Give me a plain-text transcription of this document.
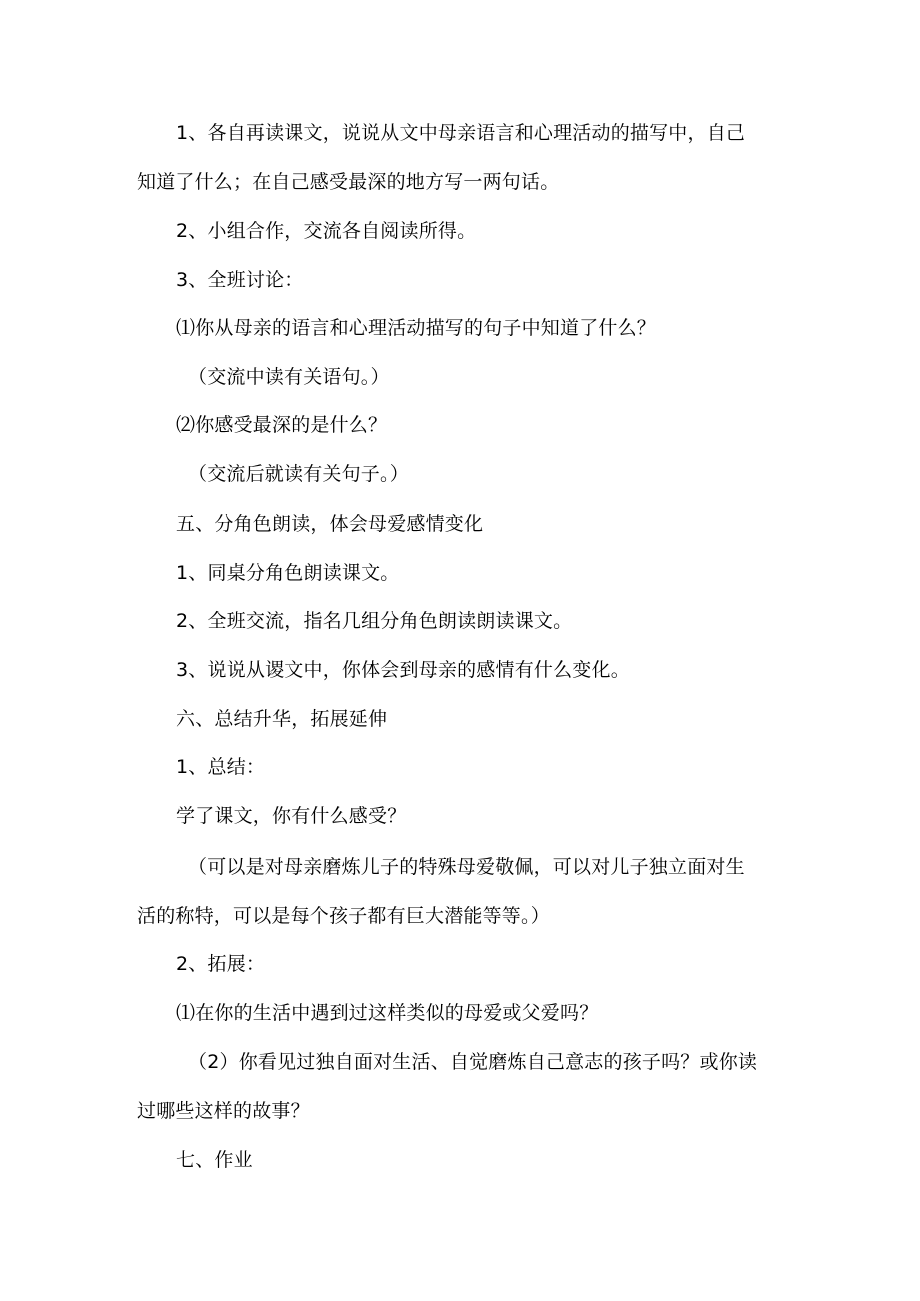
1、各自再读课文，说说从文中母亲语言和心理活动的描写中，自己
知道了什么；在自己感受最深的地方写一两句话。
2、小组合作，交流各自阅读所得。
3、全班讨论：
⑴你从母亲的语言和心理活动描写的句子中知道了什么？
（交流中读有关语句。）
⑵你感受最深的是什么？
（交流后就读有关句子。）
五、分角色朗读，体会母爱感情变化
1、同桌分角色朗读课文。
2、全班交流，指名几组分角色朗读朗读课文。
3、说说从谡文中，你体会到母亲的感情有什么变化。
六、总结升华，拓展延伸
1、总结：
学了课文，你有什么感受？
（可以是对母亲磨炼儿子的特殊母爱敬佩，可以对儿子独立面对生
活的称特，可以是每个孩子都有巨大潜能等等。）
2、拓展：
⑴在你的生活中遇到过这样类似的母爱或父爱吗？
（2）你看见过独自面对生活、自觉磨炼自己意志的孩子吗？或你读
过哪些这样的故事？
七、作业
